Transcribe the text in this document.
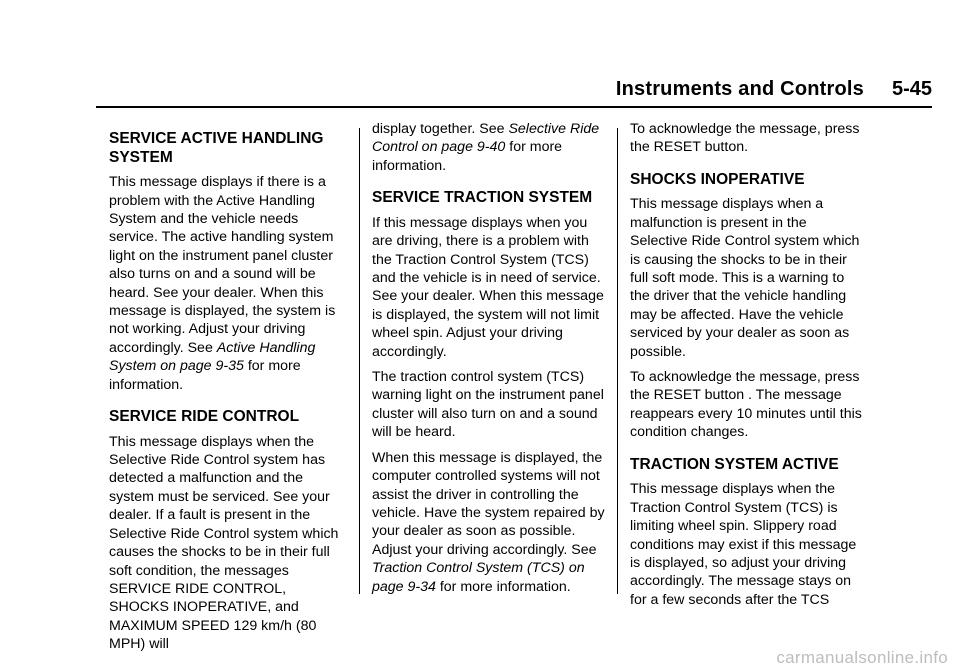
Instruments and Controls 5-45
SERVICE ACTIVE HANDLING SYSTEM

This message displays if there is a problem with the Active Handling System and the vehicle needs service. The active handling system light on the instrument panel cluster also turns on and a sound will be heard. See your dealer. When this message is displayed, the system is not working. Adjust your driving accordingly. See Active Handling System on page 9-35 for more information.

SERVICE RIDE CONTROL

This message displays when the Selective Ride Control system has detected a malfunction and the system must be serviced. See your dealer. If a fault is present in the Selective Ride Control system which causes the shocks to be in their full soft condition, the messages SERVICE RIDE CONTROL, SHOCKS INOPERATIVE, and MAXIMUM SPEED 129 km/h (80 MPH) will

display together. See Selective Ride Control on page 9-40 for more information.

SERVICE TRACTION SYSTEM

If this message displays when you are driving, there is a problem with the Traction Control System (TCS) and the vehicle is in need of service. See your dealer. When this message is displayed, the system will not limit wheel spin. Adjust your driving accordingly.

The traction control system (TCS) warning light on the instrument panel cluster will also turn on and a sound will be heard.

When this message is displayed, the computer controlled systems will not assist the driver in controlling the vehicle. Have the system repaired by your dealer as soon as possible. Adjust your driving accordingly. See Traction Control System (TCS) on page 9-34 for more information.

To acknowledge the message, press the RESET button.

SHOCKS INOPERATIVE

This message displays when a malfunction is present in the Selective Ride Control system which is causing the shocks to be in their full soft mode. This is a warning to the driver that the vehicle handling may be affected. Have the vehicle serviced by your dealer as soon as possible.

To acknowledge the message, press the RESET button . The message reappears every 10 minutes until this condition changes.

TRACTION SYSTEM ACTIVE

This message displays when the Traction Control System (TCS) is limiting wheel spin. Slippery road conditions may exist if this message is displayed, so adjust your driving accordingly. The message stays on for a few seconds after the TCS

carmanualsonline.info
